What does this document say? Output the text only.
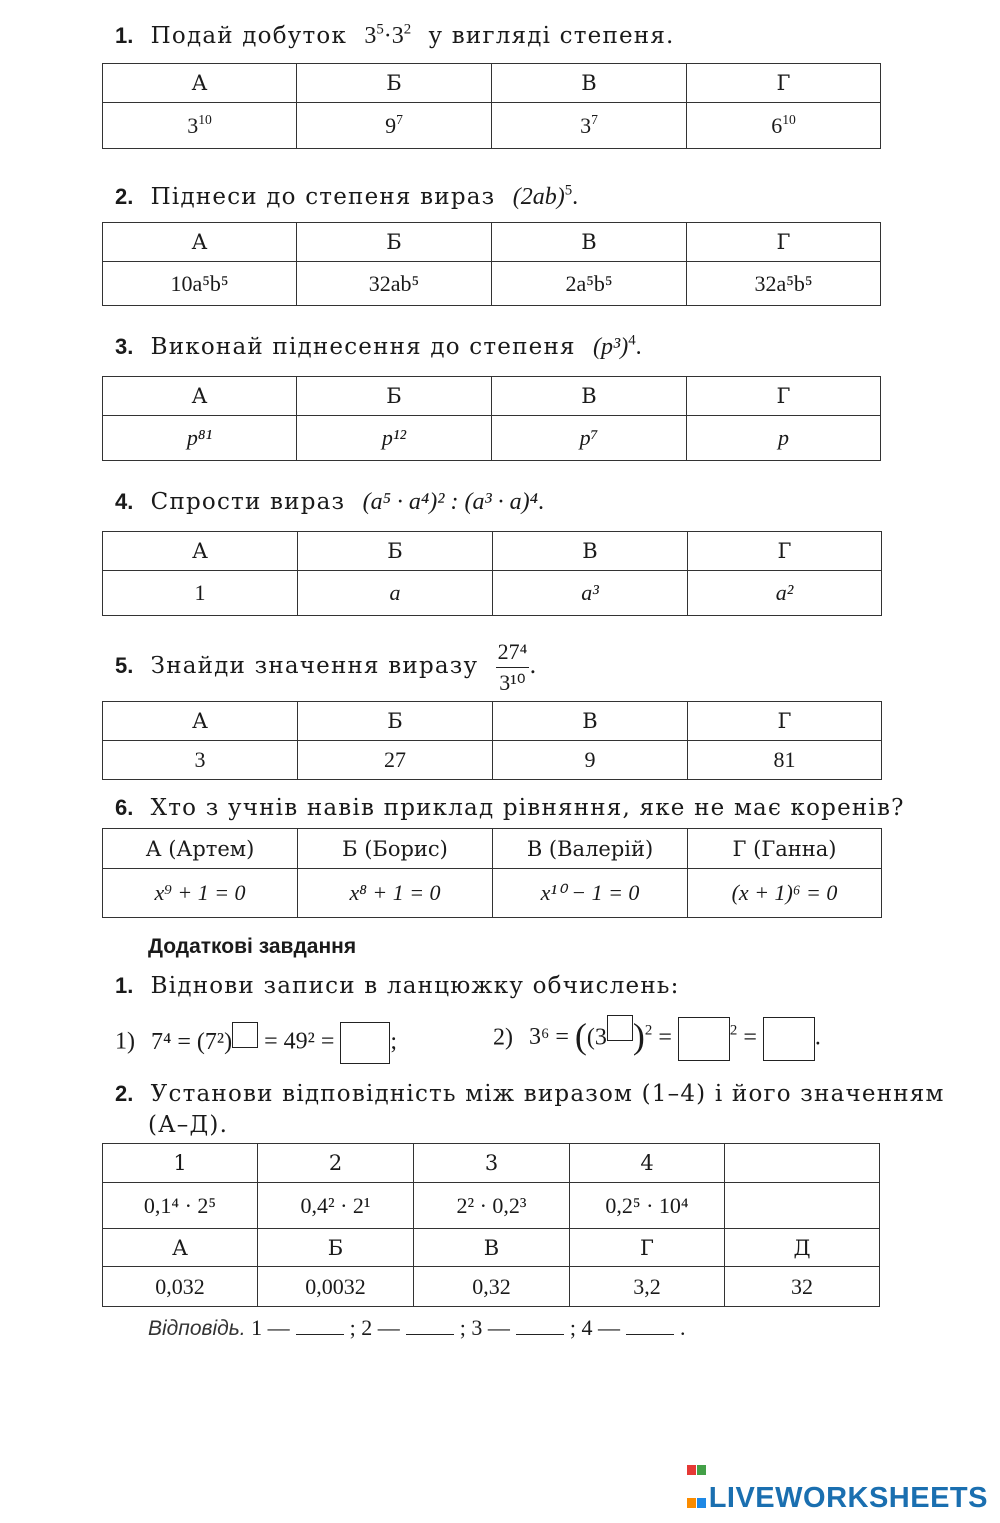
1. Подай добуток $3^5\cdot 3^2$ у вигляді степеня.
А	Б	В	Г
$3^{10}$	$9^7$	$3^7$	$6^{10}$
2. Піднеси до степеня вираз $(2ab)^5$.
А	Б	В	Г
10a⁵b⁵	32ab⁵	2a⁵b⁵	32a⁵b⁵
3. Виконай піднесення до степеня $(p^3)^4$.
А	Б	В	Г
p⁸¹	p¹²	p⁷	p
4. Спрости вираз (a⁵ · a⁴)² : (a³ · a)⁴.
А	Б	В	Г
1	a	a³	a²
5. Знайди значення виразу $\frac{\text{27⁴}}{\text{3¹⁰}}$ .
А	Б	В	Г
3	27	9	81
6. Хто з учнів навів приклад рівняння, яке не має коренів?
А (Артем)	Б (Борис)	В (Валерій)	Г (Ганна)
x⁹ + 1 = 0	x⁸ + 1 = 0	x¹⁰ − 1 = 0	(x + 1)⁶ = 0
Додаткові завдання
1. Віднови записи в ланцюжку обчислень:
1) 7⁴ = (7²) = 49² = ;	2) 3⁶ = ((3 )$^2$ =	$^2$ = .
2. Установи відповідність між виразом (1–4) і його значенням
(А–Д).
1	2	3	4	
0,1⁴ · 2⁵	0,4² · 2¹	2² · 0,2³	0,2⁵ · 10⁴	
А	Б	В	Г	Д
0,032	0,0032	0,32	3,2	32
Відповідь. 1 —	; 2 —	; 3 —	; 4 —	.
LIVEWORKSHEETS
